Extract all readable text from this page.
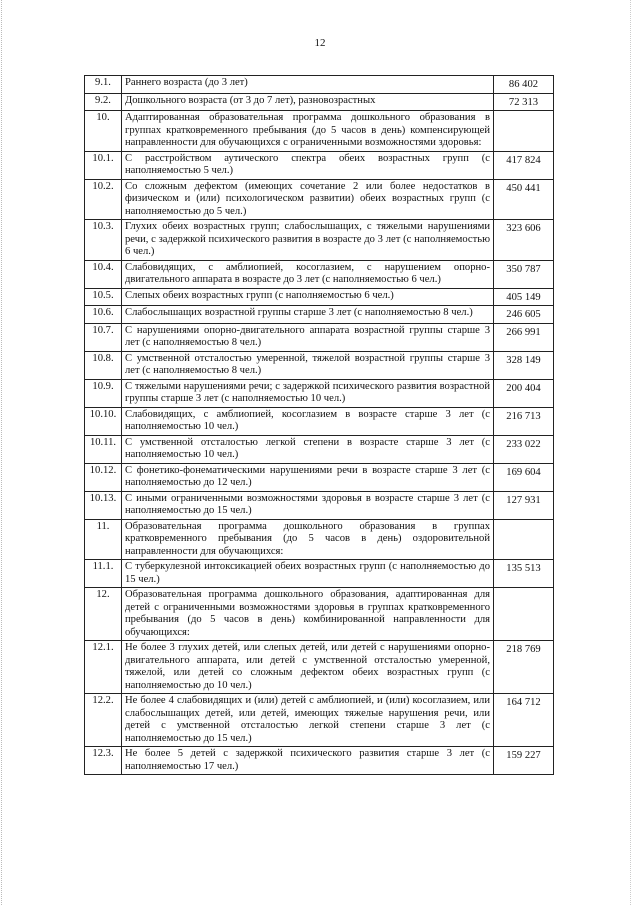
12
9.1.	Раннего возраста (до 3 лет)	86 402

9.2.	Дошкольного возраста (от 3 до 7 лет), разновозрастных	72 313

10.	Адаптированная образовательная программа дошкольного образования в группах кратковременного пребывания (до 5 часов в день) компенсирующей направленности для обучающихся с ограниченными возможностями здоровья:	

10.1.	С расстройством аутического спектра обеих возрастных групп (с наполняемостью 5 чел.)	417 824

10.2.	Со сложным дефектом (имеющих сочетание 2 или более недостатков в физическом и (или) психологическом развитии) обеих возрастных групп (с наполняемостью до 5 чел.)	450 441

10.3.	Глухих обеих возрастных групп; слабослышащих, с тяжелыми нарушениями речи, с задержкой психического развития в возрасте до 3 лет (с наполняемостью 6 чел.)	323 606

10.4.	Слабовидящих, с амблиопией, косоглазием, с нарушением опорно-двигательного аппарата в возрасте до 3 лет (с наполняемостью 6 чел.)	350 787

10.5.	Слепых обеих возрастных групп (с наполняемостью 6 чел.)	405 149

10.6.	Слабослышащих возрастной группы старше 3 лет (с наполняемостью 8 чел.)	246 605

10.7.	С нарушениями опорно-двигательного аппарата возрастной группы старше 3 лет (с наполняемостью 8 чел.)	266 991

10.8.	С умственной отсталостью умеренной, тяжелой возрастной группы старше 3 лет (с наполняемостью 8 чел.)	328 149

10.9.	С тяжелыми нарушениями речи; с задержкой психического развития возрастной группы старше 3 лет (с наполняемостью 10 чел.)	200 404

10.10.	Слабовидящих, с амблиопией, косоглазием в возрасте старше 3 лет (с наполняемостью 10 чел.)	216 713

10.11.	С умственной отсталостью легкой степени в возрасте старше 3 лет (с наполняемостью 10 чел.)	233 022

10.12.	С фонетико-фонематическими нарушениями речи в возрасте старше 3 лет (с наполняемостью до 12 чел.)	169 604

10.13.	С иными ограниченными возможностями здоровья в возрасте старше 3 лет (с наполняемостью до 15 чел.)	127 931

11.	Образовательная программа дошкольного образования в группах кратковременного пребывания (до 5 часов в день) оздоровительной направленности для обучающихся:	

11.1.	С туберкулезной интоксикацией обеих возрастных групп (с наполняемостью до 15 чел.)	135 513

12.	Образовательная программа дошкольного образования, адаптированная для детей с ограниченными возможностями здоровья в группах кратковременного пребывания (до 5 часов в день) комбинированной направленности для обучающихся:	

12.1.	Не более 3 глухих детей, или слепых детей, или детей с нарушениями опорно-двигательного аппарата, или детей с умственной отсталостью умеренной, тяжелой, или детей со сложным дефектом обеих возрастных групп (с наполняемостью до 10 чел.)	218 769

12.2.	Не более 4 слабовидящих и (или) детей с амблиопией, и (или) косоглазием, или слабослышащих детей, или детей, имеющих тяжелые нарушения речи, или детей с умственной отсталостью легкой степени старше 3 лет (с наполняемостью до 15 чел.)	164 712

12.3.	Не более 5 детей с задержкой психического развития старше 3 лет (с наполняемостью 17 чел.)	159 227
